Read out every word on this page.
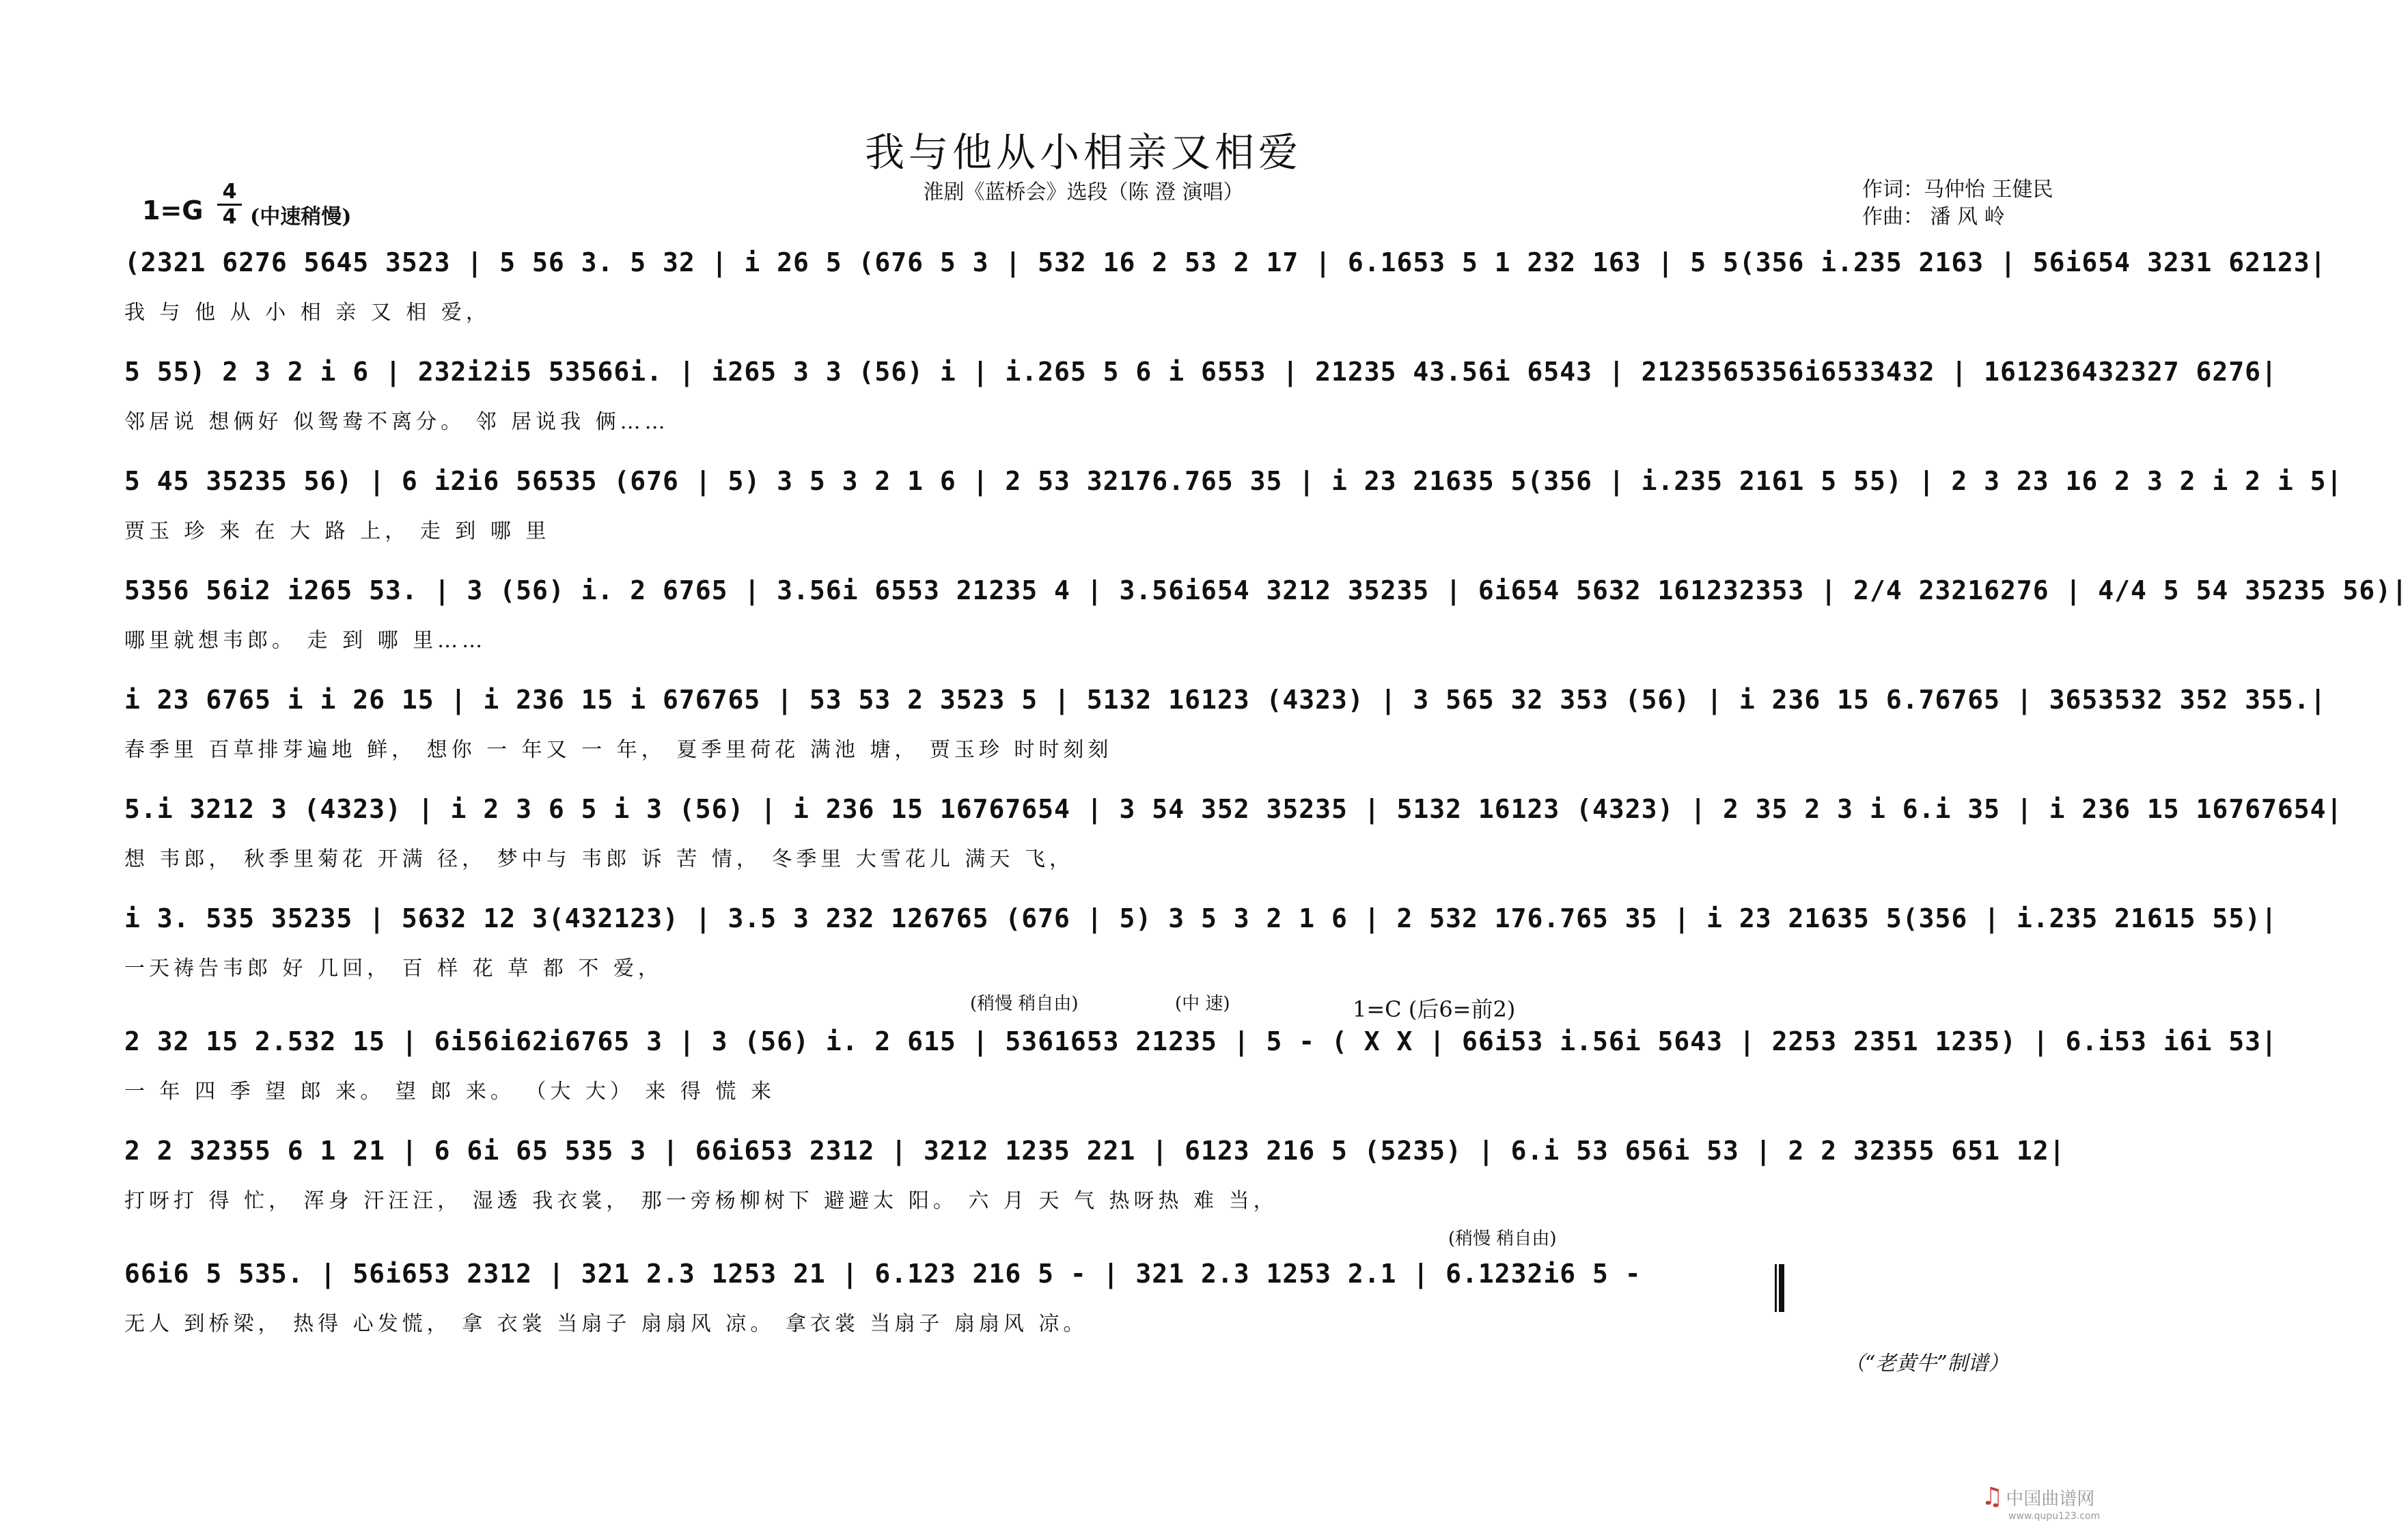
我与他从小相亲又相爱
淮剧《蓝桥会》选段（陈 澄 演唱）	作词：马仲怡 王健民
作曲： 潘 风 岭
1=G
4
4 (中速稍慢)
(2321 6276 5645 3523 | 5 56 3. 5 32 | i 26 5 (676 5 3 | 532 16 2 53 2 17 | 6.1653 5 1 232 163 | 5 5(356 i.235 2163 | 56i654 3231 62123|
我 与 他 从 小 相 亲 又 相 爱，
5 55) 2 3 2 i 6 | 232i2i5 53566i. | i265 3 3 (56) i | i.265 5 6 i 6553 | 21235 43.56i 6543 | 2123565356i6533432 | 161236432327 6276|
邻居说 想俩好 似鸳鸯不离分。 邻 居说我 俩……
5 45 35235 56) | 6 i2i6 56535 (676 | 5) 3 5 3 2 1 6 | 2 53 32176.765 35 | i 23 21635 5(356 | i.235 2161 5 55) | 2 3 23 16 2 3 2 i 2 i 5|
贾玉 珍 来 在 大 路 上， 走 到 哪 里
5356 56i2 i265 53. | 3 (56) i. 2 6765 | 3.56i 6553 21235 4 | 3.56i654 3212 35235 | 6i654 5632 161232353 | 2/4 23216276 | 4/4 5 54 35235 56)|
哪里就想韦郎。 走 到 哪 里……
i 23 6765 i i 26 15 | i 236 15 i 676765 | 53 53 2 3523 5 | 5132 16123 (4323) | 3 565 32 353 (56) | i 236 15 6.76765 | 3653532 352 355.|
春季里 百草排芽遍地 鲜， 想你 一 年又 一 年， 夏季里荷花 满池 塘， 贾玉珍 时时刻刻
5.i 3212 3 (4323) | i 2 3 6 5 i 3 (56) | i 236 15 16767654 | 3 54 352 35235 | 5132 16123 (4323) | 2 35 2 3 i 6.i 35 | i 236 15 16767654|
想 韦郎， 秋季里菊花 开满 径， 梦中与 韦郎 诉 苦 情， 冬季里 大雪花儿 满天 飞，
i 3. 535 35235 | 5632 12 3(432123) | 3.5 3 232 126765 (676 | 5) 3 5 3 2 1 6 | 2 532 176.765 35 | i 23 21635 5(356 | i.235 21615 55)|
一天祷告韦郎 好 几回， 百 样 花 草 都 不 爱，
(稍慢 稍自由)	(中 速)	1=C (后6=前2)
2 32 15 2.532 15 | 6i56i62i6765 3 | 3 (56) i. 2 615 | 5361653 21235 | 5 - ( X X | 66i53 i.56i 5643 | 2253 2351 1235) | 6.i53 i6i 53|
一 年 四 季 望 郎 来。 望 郎 来。 （大 大） 来 得 慌 来
2 2 32355 6 1 21 | 6 6i 65 535 3 | 66i653 2312 | 3212 1235 221 | 6123 216 5 (5235) | 6.i 53 656i 53 | 2 2 32355 651 12|
打呀打 得 忙， 浑身 汗汪汪， 湿透 我衣裳， 那一旁杨柳树下 避避太 阳。 六 月 天 气 热呀热 难 当，
(稍慢 稍自由)
66i6 5 535. | 56i653 2312 | 321 2.3 1253 21 | 6.123 216 5 - | 321 2.3 1253 2.1 | 6.1232i6 5 -
无人 到桥梁， 热得 心发慌， 拿 衣裳 当扇子 扇扇风 凉。 拿衣裳 当扇子 扇扇风 凉。
（“老黄牛”制谱）
♫ 中国曲谱网
www.qupu123.com
